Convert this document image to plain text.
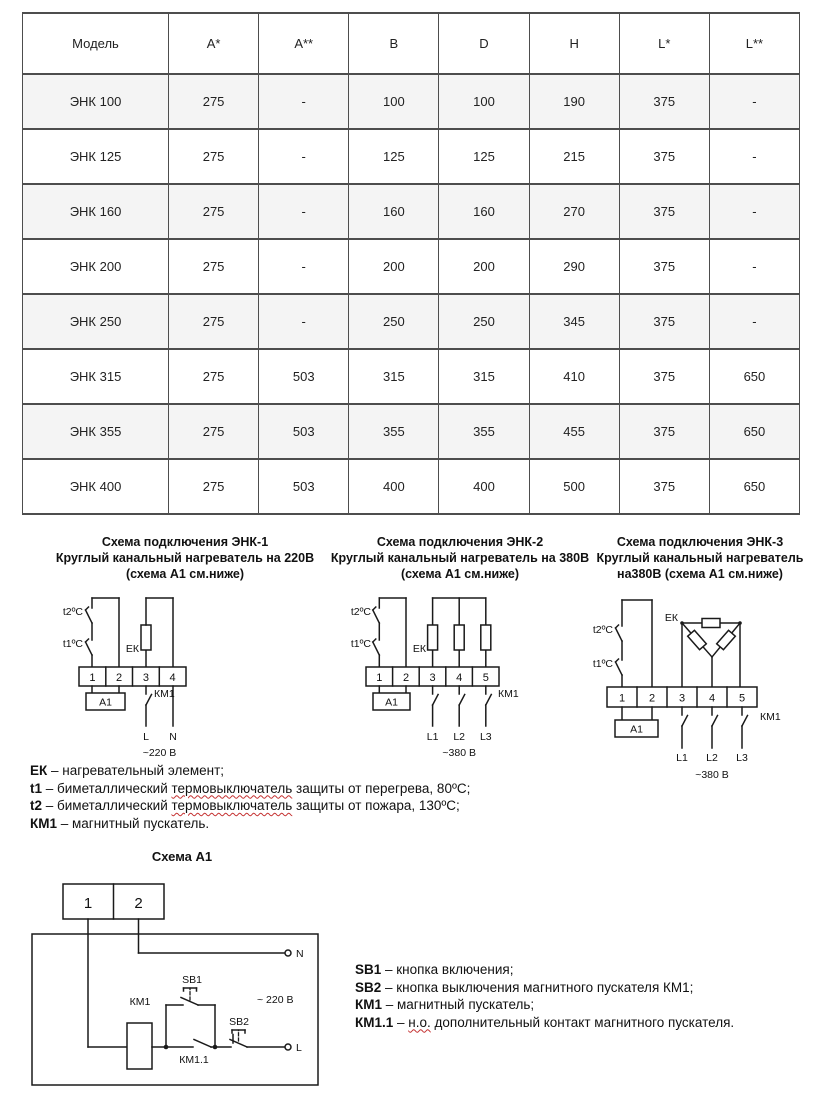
Модель	A*	A**	B	D	H	L*	L**
ЭНК 100	275	-	100	100	190	375	-
ЭНК 125	275	-	125	125	215	375	-
ЭНК 160	275	-	160	160	270	375	-
ЭНК 200	275	-	200	200	290	375	-
ЭНК 250	275	-	250	250	345	375	-
ЭНК 315	275	503	315	315	410	375	650
ЭНК 355	275	503	355	355	455	375	650
ЭНК 400	275	503	400	400	500	375	650
Схема подключения ЭНК-1
Круглый канальный нагреватель на 220В
(схема А1 см.ниже)
Схема подключения ЭНК-2
Круглый канальный нагреватель на 380В
(схема А1 см.ниже)
Схема подключения ЭНК-3
Круглый канальный нагреватель
на380В (схема А1 см.ниже)
t2ºC
t1ºC	ЕК
1 2 3 4
А1
КМ1
L N
~220 В
t2ºC
t1ºC	ЕК
1 2 3 4 5
А1
КМ1
L1 L2 L3
~380 В
t2ºC
t1ºC
ЕК
1 2 3 4 5
А1
КМ1
L1 L2 L3
~380 В
ЕК – нагревательный элемент;
t1 – биметаллический термовыключатель защиты от перегрева, 80ºС;
t2 – биметаллический термовыключатель защиты от пожара, 130ºС;
КМ1 – магнитный пускатель.
Схема А1
1	2
КМ1
SB1
SB2
КМ1.1
N
L
~ 220 В
SB1 – кнопка включения;
SB2 – кнопка выключения магнитного пускателя КМ1;
КМ1 – магнитный пускатель;
КМ1.1 – н.о. дополнительный контакт магнитного пускателя.
